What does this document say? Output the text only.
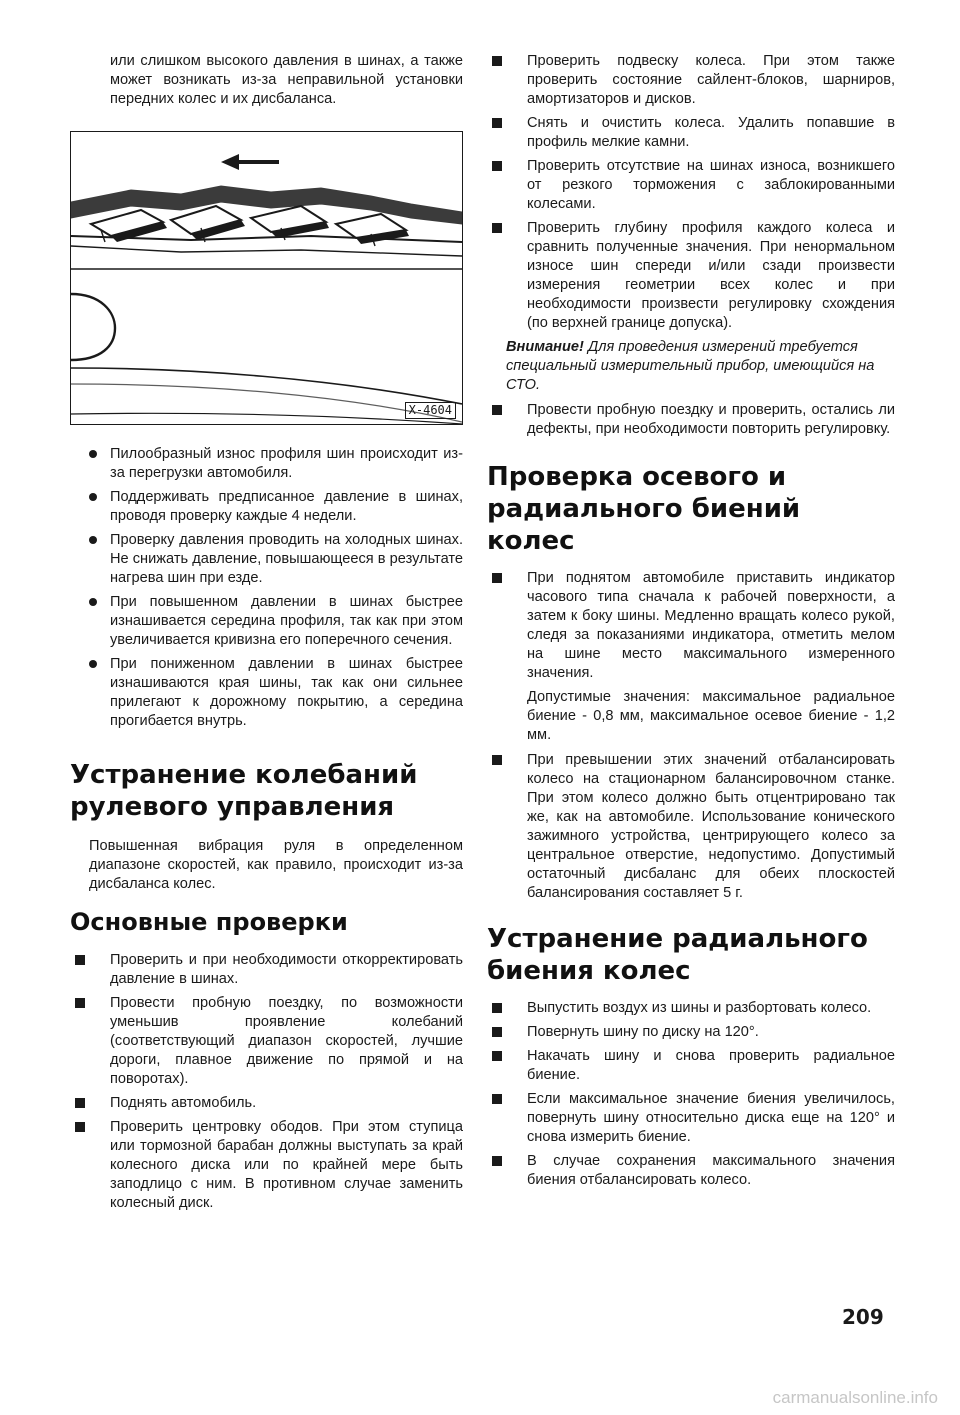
или слишком высокого давления в шинах, а также может возникать из-за неправильной установки передних колес и их дисбаланса.

X-4604
Пилообразный износ профиля шин происходит из-за перегрузки автомобиля.
Поддерживать предписанное давление в шинах, проводя проверку каждые 4 недели.
Проверку давления проводить на холодных шинах. Не снижать давление, повышающееся в результате нагрева шин при езде.
При повышенном давлении в шинах быстрее изнашивается середина профиля, так как при этом увеличивается кривизна его поперечного сечения.
При пониженном давлении в шинах быстрее изнашиваются края шины, так как они сильнее прилегают к дорожному покрытию, а середина прогибается внутрь.
Устранение колебаний рулевого управления

Повышенная вибрация руля в определенном диапазоне скоростей, как правило, происходит из-за дисбаланса колес.

Основные проверки
Проверить и при необходимости откорректировать давление в шинах.
Провести пробную поездку, по возможности уменьшив проявление колебаний (соответствующий диапазон скоростей, лучшие дороги, плавное движение по прямой и на поворотах).
Поднять автомобиль.
Проверить центровку ободов. При этом ступица или тормозной барабан должны выступать за край колесного диска или по крайней мере быть заподлицо с ним. В противном случае заменить колесный диск.
Проверить подвеску колеса. При этом также проверить состояние сайлент-блоков, шарниров, амортизаторов и дисков.
Снять и очистить колеса. Удалить попавшие в профиль мелкие камни.
Проверить отсутствие на шинах износа, возникшего от резкого торможения с заблокированными колесами.
Проверить глубину профиля каждого колеса и сравнить полученные значения. При ненормальном износе шин спереди и/или сзади произвести измерения геометрии всех колес и при необходимости произвести регулировку схождения (по верхней границе допуска).

Внимание! Для проведения измерений требуется специальный измерительный прибор, имеющийся на СТО.

Провести пробную поездку и проверить, остались ли дефекты, при необходимости повторить регулировку.
Проверка осевого и радиального биений колес
При поднятом автомобиле приставить индикатор часового типа сначала к рабочей поверхности, а затем к боку шины. Медленно вращать колесо рукой, следя за показаниями индикатора, отметить мелом на шине место максимального измеренного значения.

Допустимые значения: максимальное радиальное биение - 0,8 мм, максимальное осевое биение - 1,2 мм.

При превышении этих значений отбалансировать колесо на стационарном балансировочном станке. При этом колесо должно быть отцентрировано так же, как на автомобиле. Использование конического зажимного устройства, центрирующего колесо за центральное отверстие, недопустимо. Допустимый остаточный дисбаланс для обеих плоскостей балансирования составляет 5 г.
Устранение радиального биения колес
Выпустить воздух из шины и разбортовать колесо.
Повернуть шину по диску на 120°.
Накачать шину и снова проверить радиальное биение.
Если максимальное значение биения увеличилось, повернуть шину относительно диска еще на 120° и снова измерить биение.
В случае сохранения максимального значения биения отбалансировать колесо.
209
carmanualsonline.info
